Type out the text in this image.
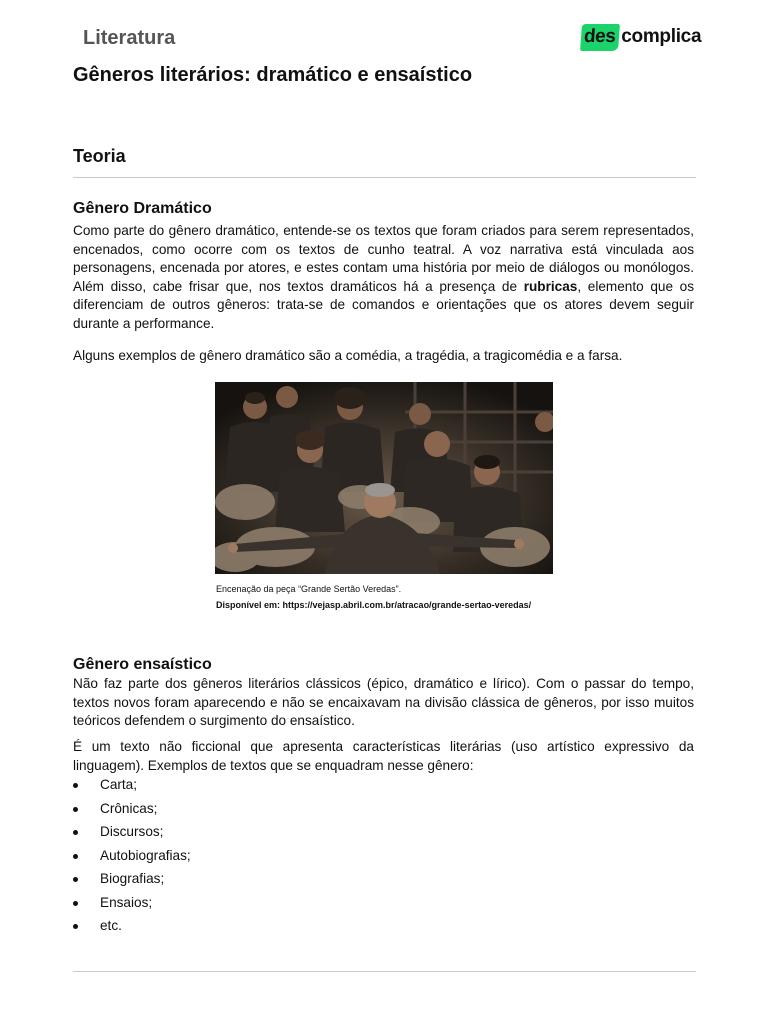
Literatura	des complica
Gêneros literários: dramático e ensaístico
Teoria
Gênero Dramático

Como parte do gênero dramático, entende-se os textos que foram criados para serem representados, encenados, como ocorre com os textos de cunho teatral. A voz narrativa está vinculada aos personagens, encenada por atores, e estes contam uma história por meio de diálogos ou monólogos. Além disso, cabe frisar que, nos textos dramáticos há a presença de rubricas, elemento que os diferenciam de outros gêneros: trata-se de comandos e orientações que os atores devem seguir durante a performance.

Alguns exemplos de gênero dramático são a comédia, a tragédia, a tragicomédia e a farsa.

Encenação da peça “Grande Sertão Veredas”.

Disponível em: https://vejasp.abril.com.br/atracao/grande-sertao-veredas/

Gênero ensaístico

Não faz parte dos gêneros literários clássicos (épico, dramático e lírico). Com o passar do tempo, textos novos foram aparecendo e não se encaixavam na divisão clássica de gêneros, por isso muitos teóricos defendem o surgimento do ensaístico.

É um texto não ficcional que apresenta características literárias (uso artístico expressivo da linguagem). Exemplos de textos que se enquadram nesse gênero:

Carta;
Crônicas;
Discursos;
Autobiografias;
Biografias;
Ensaios;
etc.
